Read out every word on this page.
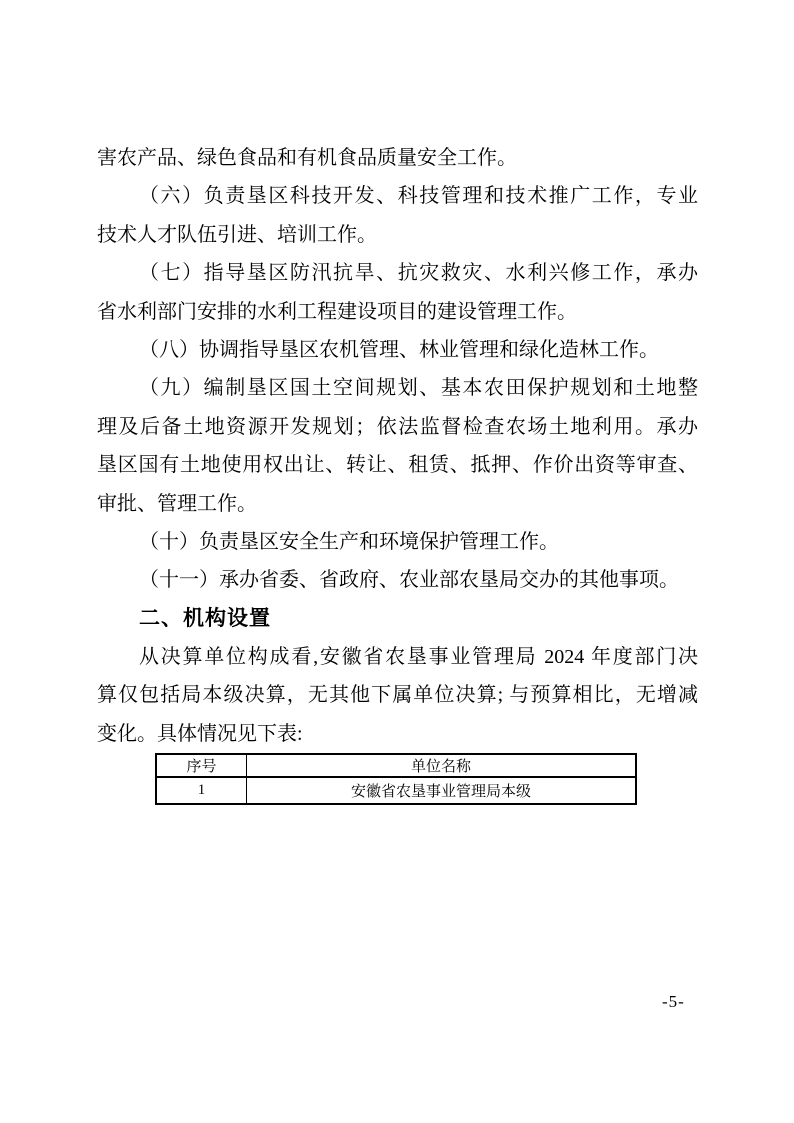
害农产品、绿色食品和有机食品质量安全工作。
（六）负责垦区科技开发、科技管理和技术推广工作，专业
技术人才队伍引进、培训工作。
（七）指导垦区防汛抗旱、抗灾救灾、水利兴修工作，承办
省水利部门安排的水利工程建设项目的建设管理工作。
（八）协调指导垦区农机管理、林业管理和绿化造林工作。
（九）编制垦区国土空间规划、基本农田保护规划和土地整
理及后备土地资源开发规划；依法监督检查农场土地利用。承办
垦区国有土地使用权出让、转让、租赁、抵押、作价出资等审查、
审批、管理工作。
（十）负责垦区安全生产和环境保护管理工作。
（十一）承办省委、省政府、农业部农垦局交办的其他事项。
二、机构设置
从决算单位构成看,安徽省农垦事业管理局 2024 年度部门决
算仅包括局本级决算，无其他下属单位决算; 与预算相比，无增减
变化。具体情况见下表:
序号	单位名称
1	安徽省农垦事业管理局本级
-5-
